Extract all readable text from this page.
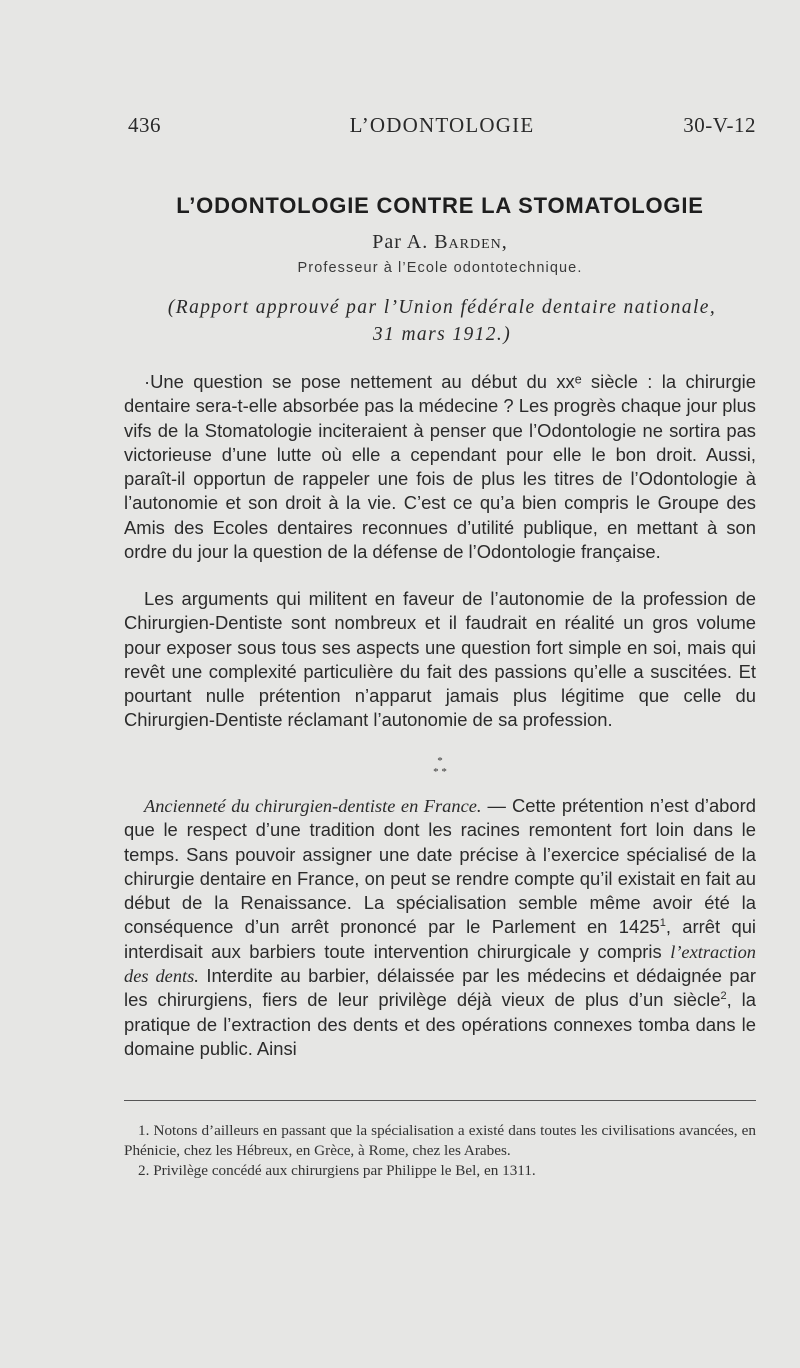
436	L’ODONTOLOGIE	30-V-12
L’ODONTOLOGIE CONTRE LA STOMATOLOGIE
Par A. Barden,
Professeur à l’Ecole odontotechnique.
(Rapport approuvé par l’Union fédérale dentaire nationale,
31 mars 1912.)

·Une question se pose nettement au début du xxᵉ siècle : la chirurgie dentaire sera-t-elle absorbée pas la médecine ? Les progrès chaque jour plus vifs de la Stomatologie inciteraient à penser que l’Odontologie ne sortira pas victorieuse d’une lutte où elle a cependant pour elle le bon droit. Aussi, paraît-il opportun de rappeler une fois de plus les titres de l’Odontologie à l’autonomie et son droit à la vie. C’est ce qu’a bien compris le Groupe des Amis des Ecoles dentaires reconnues d’utilité publique, en mettant à son ordre du jour la question de la défense de l’Odontologie française.

Les arguments qui militent en faveur de l’autonomie de la profession de Chirurgien-Dentiste sont nombreux et il faudrait en réalité un gros volume pour exposer sous tous ses aspects une question fort simple en soi, mais qui revêt une complexité particulière du fait des passions qu’elle a suscitées. Et pourtant nulle prétention n’apparut jamais plus légitime que celle du Chirurgien-Dentiste réclamant l’autonomie de sa profession.

*
* *

Ancienneté du chirurgien-dentiste en France. — Cette prétention n’est d’abord que le respect d’une tradition dont les racines remontent fort loin dans le temps. Sans pouvoir assigner une date précise à l’exercice spécialisé de la chirurgie dentaire en France, on peut se rendre compte qu’il existait en fait au début de la Renaissance. La spécialisation semble même avoir été la conséquence d’un arrêt prononcé par le Parlement en 1425$^1$, arrêt qui interdisait aux barbiers toute intervention chirurgicale y compris l’extraction des dents. Interdite au barbier, délaissée par les médecins et dédaignée par les chirurgiens, fiers de leur privilège déjà vieux de plus d’un siècle$^2$, la pratique de l’extraction des dents et des opérations connexes tomba dans le domaine public. Ainsi

1. Notons d’ailleurs en passant que la spécialisation a existé dans toutes les civilisations avancées, en Phénicie, chez les Hébreux, en Grèce, à Rome, chez les Arabes.

2. Privilège concédé aux chirurgiens par Philippe le Bel, en 1311.
